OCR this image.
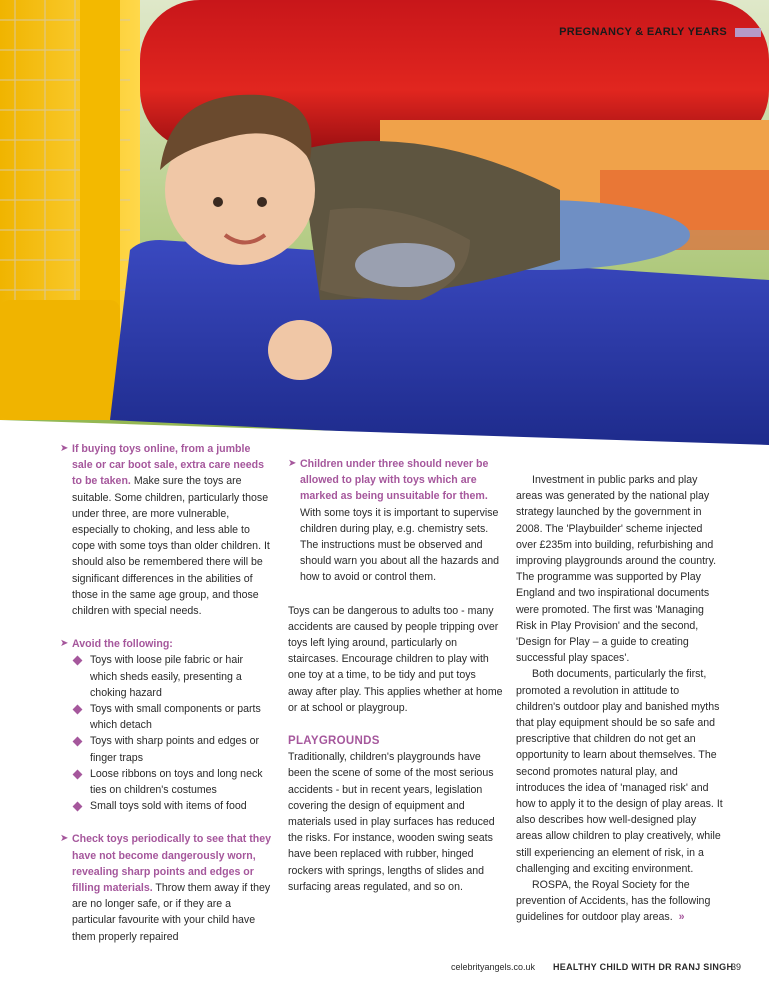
PREGNANCY & EARLY YEARS

➤ If buying toys online, from a jumble sale or car boot sale, extra care needs to be taken. Make sure the toys are suitable. Some children, particularly those under three, are more vulnerable, especially to choking, and less able to cope with some toys than older children. It should also be remembered there will be significant differences in the abilities of those in the same age group, and those children with special needs.

➤ Avoid the following:

Toys with loose pile fabric or hair which sheds easily, presenting a choking hazard
Toys with small components or parts which detach
Toys with sharp points and edges or finger traps
Loose ribbons on toys and long neck ties on children's costumes
Small toys sold with items of food

➤ Check toys periodically to see that they have not become dangerously worn, revealing sharp points and edges or filling materials. Throw them away if they are no longer safe, or if they are a particular favourite with your child have them properly repaired

➤ Children under three should never be allowed to play with toys which are marked as being unsuitable for them. With some toys it is important to supervise children during play, e.g. chemistry sets. The instructions must be observed and should warn you about all the hazards and how to avoid or control them.

Toys can be dangerous to adults too - many accidents are caused by people tripping over toys left lying around, particularly on staircases. Encourage children to play with one toy at a time, to be tidy and put toys away after play. This applies whether at home or at school or playgroup.

PLAYGROUNDS

Traditionally, children's playgrounds have been the scene of some of the most serious accidents - but in recent years, legislation covering the design of equipment and materials used in play surfaces has reduced the risks. For instance, wooden swing seats have been replaced with rubber, hinged rockers with springs, lengths of slides and surfacing areas regulated, and so on.

Investment in public parks and play areas was generated by the national play strategy launched by the government in 2008. The 'Playbuilder' scheme injected over £235m into building, refurbishing and improving playgrounds around the country. The programme was supported by Play England and two inspirational documents were promoted. The first was 'Managing Risk in Play Provision' and the second, 'Design for Play – a guide to creating successful play spaces'.

Both documents, particularly the first, promoted a revolution in attitude to children's outdoor play and banished myths that play equipment should be so safe and prescriptive that children do not get an opportunity to learn about themselves. The second promotes natural play, and introduces the idea of 'managed risk' and how to apply it to the design of play areas. It also describes how well-designed play areas allow children to play creatively, while still experiencing an element of risk, in a challenging and exciting environment.

ROSPA, the Royal Society for the prevention of Accidents, has the following guidelines for outdoor play areas. »

celebrityangels.co.uk HEALTHY CHILD WITH DR RANJ SINGH
39
